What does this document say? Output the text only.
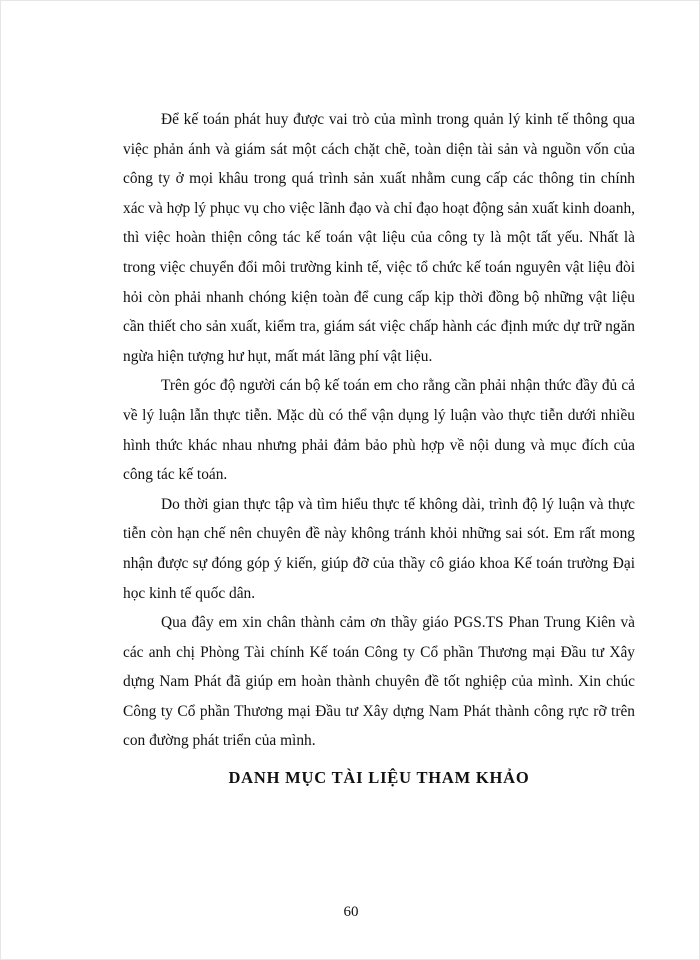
Để kế toán phát huy được vai trò của mình trong quản lý kinh tế thông qua việc phản ánh và giám sát một cách chặt chẽ, toàn diện tài sản và nguồn vốn của công ty ở mọi khâu trong quá trình sản xuất nhằm cung cấp các thông tin chính xác và hợp lý phục vụ cho việc lãnh đạo và chỉ đạo hoạt động sản xuất kinh doanh, thì việc hoàn thiện công tác kế toán vật liệu của công ty là một tất yếu. Nhất là trong việc chuyển đổi môi trường kinh tế, việc tổ chức kế toán nguyên vật liệu đòi hỏi còn phải nhanh chóng kiện toàn để cung cấp kịp thời đồng bộ những vật liệu cần thiết cho sản xuất, kiểm tra, giám sát việc chấp hành các định mức dự trữ ngăn ngừa hiện tượng hư hụt, mất mát lãng phí vật liệu.

Trên góc độ người cán bộ kế toán em cho rằng cần phải nhận thức đầy đủ cả về lý luận lẫn thực tiễn. Mặc dù có thể vận dụng lý luận vào thực tiễn dưới nhiều hình thức khác nhau nhưng phải đảm bảo phù hợp về nội dung và mục đích của công tác kế toán.

Do thời gian thực tập và tìm hiểu thực tế không dài, trình độ lý luận và thực tiễn còn hạn chế nên chuyên đề này không tránh khỏi những sai sót. Em rất mong nhận được sự đóng góp ý kiến, giúp đỡ của thầy cô giáo khoa Kế toán trường Đại học kinh tế quốc dân.

Qua đây em xin chân thành cảm ơn thầy giáo PGS.TS Phan Trung Kiên và các anh chị Phòng Tài chính Kế toán Công ty Cổ phần Thương mại Đầu tư Xây dựng Nam Phát đã giúp em hoàn thành chuyên đề tốt nghiệp của mình. Xin chúc Công ty Cổ phần Thương mại Đầu tư Xây dựng Nam Phát thành công rực rỡ trên con đường phát triển của mình.

DANH MỤC TÀI LIỆU THAM KHẢO
60
